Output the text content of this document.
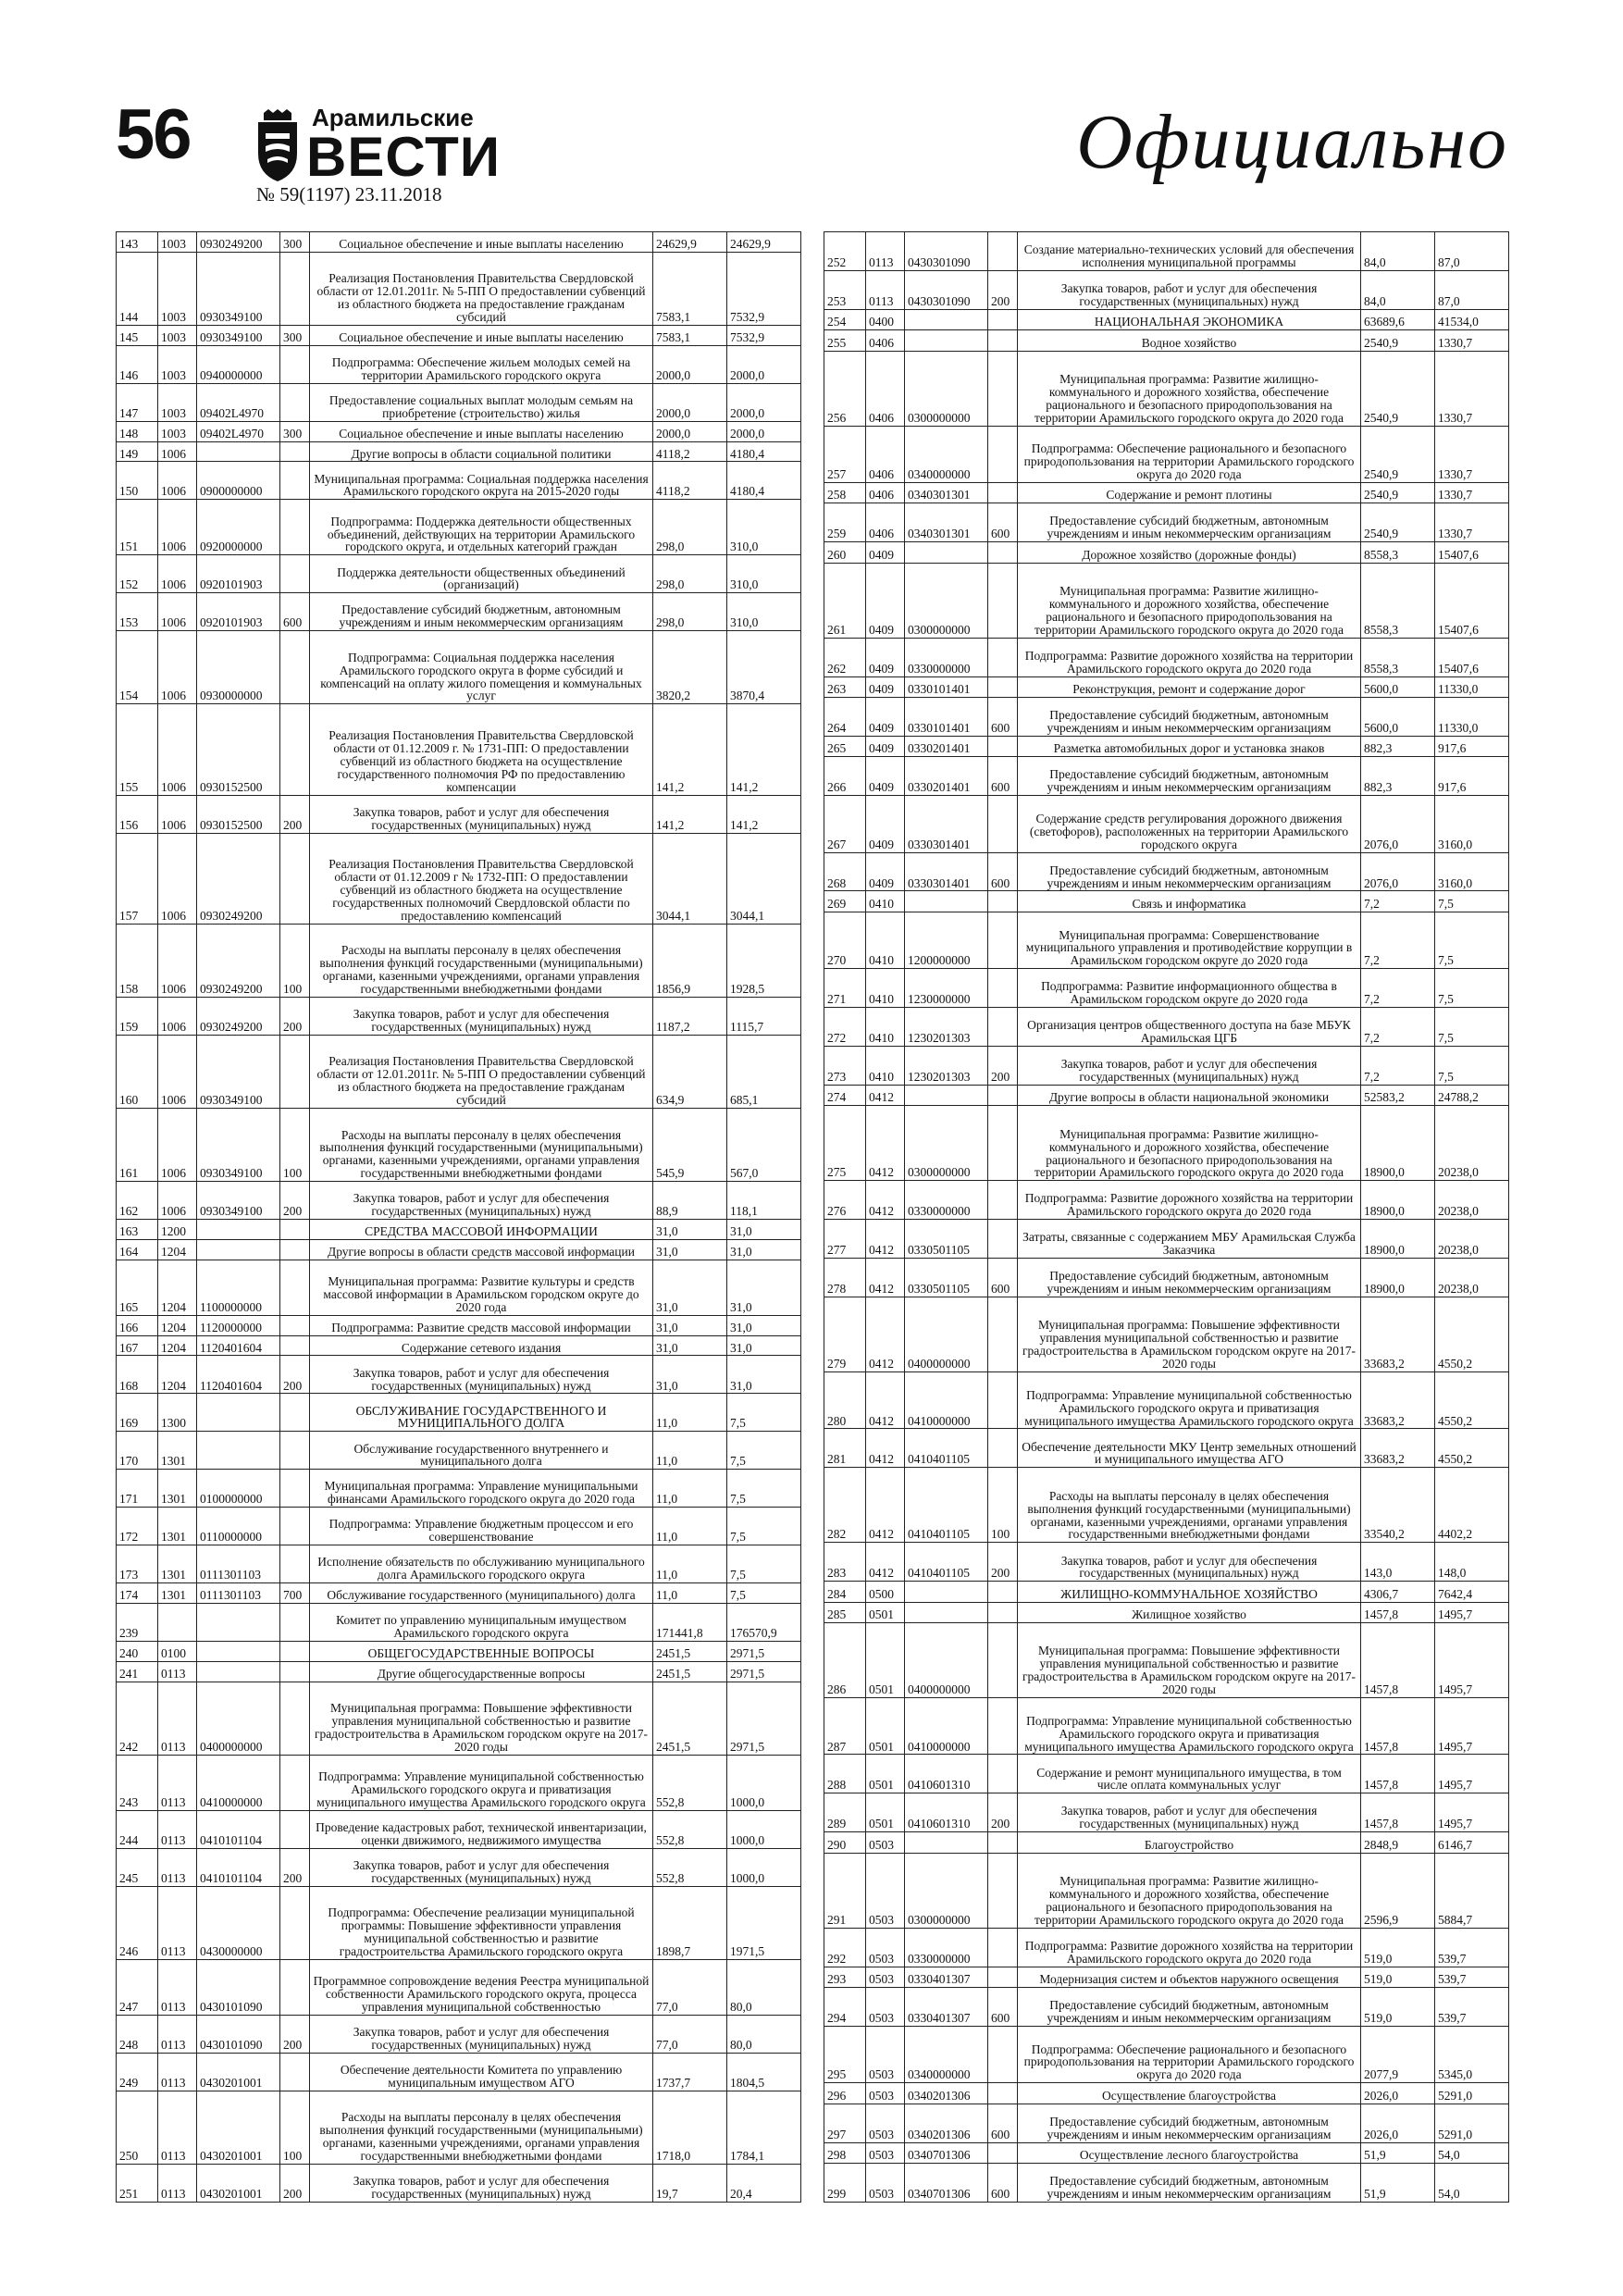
56	Арамильские
ВЕСТИ
№ 59(1197) 23.11.2018
Официально
143	1003	0930249200	300	Социальное обеспечение и иные выплаты населению	24629,9	24629,9
144	1003	0930349100		Реализация Постановления Правительства Свердловской области от 12.01.2011г. № 5-ПП О предоставлении субвенций из областного бюджета на предоставление гражданам субсидий	7583,1	7532,9
145	1003	0930349100	300	Социальное обеспечение и иные выплаты населению	7583,1	7532,9
146	1003	0940000000		Подпрограмма: Обеспечение жильем молодых семей на территории Арамильского городского округа	2000,0	2000,0
147	1003	09402L4970		Предоставление социальных выплат молодым семьям на приобретение (строительство) жилья	2000,0	2000,0
148	1003	09402L4970	300	Социальное обеспечение и иные выплаты населению	2000,0	2000,0
149	1006			Другие вопросы в области социальной политики	4118,2	4180,4
150	1006	0900000000		Муниципальная программа: Социальная поддержка населения Арамильского городского округа на 2015-2020 годы	4118,2	4180,4
151	1006	0920000000		Подпрограмма: Поддержка деятельности общественных объединений, действующих на территории Арамильского городского округа, и отдельных категорий граждан	298,0	310,0
152	1006	0920101903		Поддержка деятельности общественных объединений (организаций)	298,0	310,0
153	1006	0920101903	600	Предоставление субсидий бюджетным, автономным учреждениям и иным некоммерческим организациям	298,0	310,0
154	1006	0930000000		Подпрограмма: Социальная поддержка населения Арамильского городского округа в форме субсидий и компенсаций на оплату жилого помещения и коммунальных услуг	3820,2	3870,4
155	1006	0930152500		Реализация Постановления Правительства Свердловской области от 01.12.2009 г. № 1731-ПП: О предоставлении субвенций из областного бюджета на осуществление государственного полномочия РФ по предоставлению компенсации	141,2	141,2
156	1006	0930152500	200	Закупка товаров, работ и услуг для обеспечения государственных (муниципальных) нужд	141,2	141,2
157	1006	0930249200		Реализация Постановления Правительства Свердловской области от 01.12.2009 г № 1732-ПП: О предоставлении субвенций из областного бюджета на осуществление государственных полномочий Свердловской области по предоставлению компенсаций	3044,1	3044,1
158	1006	0930249200	100	Расходы на выплаты персоналу в целях обеспечения выполнения функций государственными (муниципальными) органами, казенными учреждениями, органами управления государственными внебюджетными фондами	1856,9	1928,5
159	1006	0930249200	200	Закупка товаров, работ и услуг для обеспечения государственных (муниципальных) нужд	1187,2	1115,7
160	1006	0930349100		Реализация Постановления Правительства Свердловской области от 12.01.2011г. № 5-ПП О предоставлении субвенций из областного бюджета на предоставление гражданам субсидий	634,9	685,1
161	1006	0930349100	100	Расходы на выплаты персоналу в целях обеспечения выполнения функций государственными (муниципальными) органами, казенными учреждениями, органами управления государственными внебюджетными фондами	545,9	567,0
162	1006	0930349100	200	Закупка товаров, работ и услуг для обеспечения государственных (муниципальных) нужд	88,9	118,1
163	1200			СРЕДСТВА МАССОВОЙ ИНФОРМАЦИИ	31,0	31,0
164	1204			Другие вопросы в области средств массовой информации	31,0	31,0
165	1204	1100000000		Муниципальная программа: Развитие культуры и средств массовой информации в Арамильском городском округе до 2020 года	31,0	31,0
166	1204	1120000000		Подпрограмма: Развитие средств массовой информации	31,0	31,0
167	1204	1120401604		Содержание сетевого издания	31,0	31,0
168	1204	1120401604	200	Закупка товаров, работ и услуг для обеспечения государственных (муниципальных) нужд	31,0	31,0
169	1300			ОБСЛУЖИВАНИЕ ГОСУДАРСТВЕННОГО И МУНИЦИПАЛЬНОГО ДОЛГА	11,0	7,5
170	1301			Обслуживание государственного внутреннего и муниципального долга	11,0	7,5
171	1301	0100000000		Муниципальная программа: Управление муниципальными финансами Арамильского городского округа до 2020 года	11,0	7,5
172	1301	0110000000		Подпрограмма: Управление бюджетным процессом и его совершенствование	11,0	7,5
173	1301	0111301103		Исполнение обязательств по обслуживанию муниципального долга Арамильского городского округа	11,0	7,5
174	1301	0111301103	700	Обслуживание государственного (муниципального) долга	11,0	7,5
239				Комитет по управлению муниципальным имуществом Арамильского городского округа	171441,8	176570,9
240	0100			ОБЩЕГОСУДАРСТВЕННЫЕ ВОПРОСЫ	2451,5	2971,5
241	0113			Другие общегосударственные вопросы	2451,5	2971,5
242	0113	0400000000		Муниципальная программа: Повышение эффективности управления муниципальной собственностью и развитие градостроительства в Арамильском городском округе на 2017-2020 годы	2451,5	2971,5
243	0113	0410000000		Подпрограмма: Управление муниципальной собственностью Арамильского городского округа и приватизация муниципального имущества Арамильского городского округа	552,8	1000,0
244	0113	0410101104		Проведение кадастровых работ, технической инвентаризации, оценки движимого, недвижимого имущества	552,8	1000,0
245	0113	0410101104	200	Закупка товаров, работ и услуг для обеспечения государственных (муниципальных) нужд	552,8	1000,0
246	0113	0430000000		Подпрограмма: Обеспечение реализации муниципальной программы: Повышение эффективности управления муниципальной собственностью и развитие градостроительства Арамильского городского округа	1898,7	1971,5
247	0113	0430101090		Программное сопровождение ведения Реестра муниципальной собственности Арамильского городского округа, процесса управления муниципальной собственностью	77,0	80,0
248	0113	0430101090	200	Закупка товаров, работ и услуг для обеспечения государственных (муниципальных) нужд	77,0	80,0
249	0113	0430201001		Обеспечение деятельности Комитета по управлению муниципальным имуществом АГО	1737,7	1804,5
250	0113	0430201001	100	Расходы на выплаты персоналу в целях обеспечения выполнения функций государственными (муниципальными) органами, казенными учреждениями, органами управления государственными внебюджетными фондами	1718,0	1784,1
251	0113	0430201001	200	Закупка товаров, работ и услуг для обеспечения государственных (муниципальных) нужд	19,7	20,4
252	0113	0430301090		Создание материально-технических условий для обеспечения исполнения муниципальной программы	84,0	87,0
253	0113	0430301090	200	Закупка товаров, работ и услуг для обеспечения государственных (муниципальных) нужд	84,0	87,0
254	0400			НАЦИОНАЛЬНАЯ ЭКОНОМИКА	63689,6	41534,0
255	0406			Водное хозяйство	2540,9	1330,7
256	0406	0300000000		Муниципальная программа: Развитие жилищно-коммунального и дорожного хозяйства, обеспечение рационального и безопасного природопользования на территории Арамильского городского округа до 2020 года	2540,9	1330,7
257	0406	0340000000		Подпрограмма: Обеспечение рационального и безопасного природопользования на территории Арамильского городского округа до 2020 года	2540,9	1330,7
258	0406	0340301301		Содержание и ремонт плотины	2540,9	1330,7
259	0406	0340301301	600	Предоставление субсидий бюджетным, автономным учреждениям и иным некоммерческим организациям	2540,9	1330,7
260	0409			Дорожное хозяйство (дорожные фонды)	8558,3	15407,6
261	0409	0300000000		Муниципальная программа: Развитие жилищно-коммунального и дорожного хозяйства, обеспечение рационального и безопасного природопользования на территории Арамильского городского округа до 2020 года	8558,3	15407,6
262	0409	0330000000		Подпрограмма: Развитие дорожного хозяйства на территории Арамильского городского округа до 2020 года	8558,3	15407,6
263	0409	0330101401		Реконструкция, ремонт и содержание дорог	5600,0	11330,0
264	0409	0330101401	600	Предоставление субсидий бюджетным, автономным учреждениям и иным некоммерческим организациям	5600,0	11330,0
265	0409	0330201401		Разметка автомобильных дорог и установка знаков	882,3	917,6
266	0409	0330201401	600	Предоставление субсидий бюджетным, автономным учреждениям и иным некоммерческим организациям	882,3	917,6
267	0409	0330301401		Содержание средств регулирования дорожного движения (светофоров), расположенных на территории Арамильского городского округа	2076,0	3160,0
268	0409	0330301401	600	Предоставление субсидий бюджетным, автономным учреждениям и иным некоммерческим организациям	2076,0	3160,0
269	0410			Связь и информатика	7,2	7,5
270	0410	1200000000		Муниципальная программа: Совершенствование муниципального управления и противодействие коррупции в Арамильском городском округе до 2020 года	7,2	7,5
271	0410	1230000000		Подпрограмма: Развитие информационного общества в Арамильском городском округе до 2020 года	7,2	7,5
272	0410	1230201303		Организация центров общественного доступа на базе МБУК Арамильская ЦГБ	7,2	7,5
273	0410	1230201303	200	Закупка товаров, работ и услуг для обеспечения государственных (муниципальных) нужд	7,2	7,5
274	0412			Другие вопросы в области национальной экономики	52583,2	24788,2
275	0412	0300000000		Муниципальная программа: Развитие жилищно-коммунального и дорожного хозяйства, обеспечение рационального и безопасного природопользования на территории Арамильского городского округа до 2020 года	18900,0	20238,0
276	0412	0330000000		Подпрограмма: Развитие дорожного хозяйства на территории Арамильского городского округа до 2020 года	18900,0	20238,0
277	0412	0330501105		Затраты, связанные с содержанием МБУ Арамильская Служба Заказчика	18900,0	20238,0
278	0412	0330501105	600	Предоставление субсидий бюджетным, автономным учреждениям и иным некоммерческим организациям	18900,0	20238,0
279	0412	0400000000		Муниципальная программа: Повышение эффективности управления муниципальной собственностью и развитие градостроительства в Арамильском городском округе на 2017-2020 годы	33683,2	4550,2
280	0412	0410000000		Подпрограмма: Управление муниципальной собственностью Арамильского городского округа и приватизация муниципального имущества Арамильского городского округа	33683,2	4550,2
281	0412	0410401105		Обеспечение деятельности МКУ Центр земельных отношений и муниципального имущества АГО	33683,2	4550,2
282	0412	0410401105	100	Расходы на выплаты персоналу в целях обеспечения выполнения функций государственными (муниципальными) органами, казенными учреждениями, органами управления государственными внебюджетными фондами	33540,2	4402,2
283	0412	0410401105	200	Закупка товаров, работ и услуг для обеспечения государственных (муниципальных) нужд	143,0	148,0
284	0500			ЖИЛИЩНО-КОММУНАЛЬНОЕ ХОЗЯЙСТВО	4306,7	7642,4
285	0501			Жилищное хозяйство	1457,8	1495,7
286	0501	0400000000		Муниципальная программа: Повышение эффективности управления муниципальной собственностью и развитие градостроительства в Арамильском городском округе на 2017-2020 годы	1457,8	1495,7
287	0501	0410000000		Подпрограмма: Управление муниципальной собственностью Арамильского городского округа и приватизация муниципального имущества Арамильского городского округа	1457,8	1495,7
288	0501	0410601310		Содержание и ремонт муниципального имущества, в том числе оплата коммунальных услуг	1457,8	1495,7
289	0501	0410601310	200	Закупка товаров, работ и услуг для обеспечения государственных (муниципальных) нужд	1457,8	1495,7
290	0503			Благоустройство	2848,9	6146,7
291	0503	0300000000		Муниципальная программа: Развитие жилищно-коммунального и дорожного хозяйства, обеспечение рационального и безопасного природопользования на территории Арамильского городского округа до 2020 года	2596,9	5884,7
292	0503	0330000000		Подпрограмма: Развитие дорожного хозяйства на территории Арамильского городского округа до 2020 года	519,0	539,7
293	0503	0330401307		Модернизация систем и объектов наружного освещения	519,0	539,7
294	0503	0330401307	600	Предоставление субсидий бюджетным, автономным учреждениям и иным некоммерческим организациям	519,0	539,7
295	0503	0340000000		Подпрограмма: Обеспечение рационального и безопасного природопользования на территории Арамильского городского округа до 2020 года	2077,9	5345,0
296	0503	0340201306		Осуществление благоустройства	2026,0	5291,0
297	0503	0340201306	600	Предоставление субсидий бюджетным, автономным учреждениям и иным некоммерческим организациям	2026,0	5291,0
298	0503	0340701306		Осуществление лесного благоустройства	51,9	54,0
299	0503	0340701306	600	Предоставление субсидий бюджетным, автономным учреждениям и иным некоммерческим организациям	51,9	54,0
